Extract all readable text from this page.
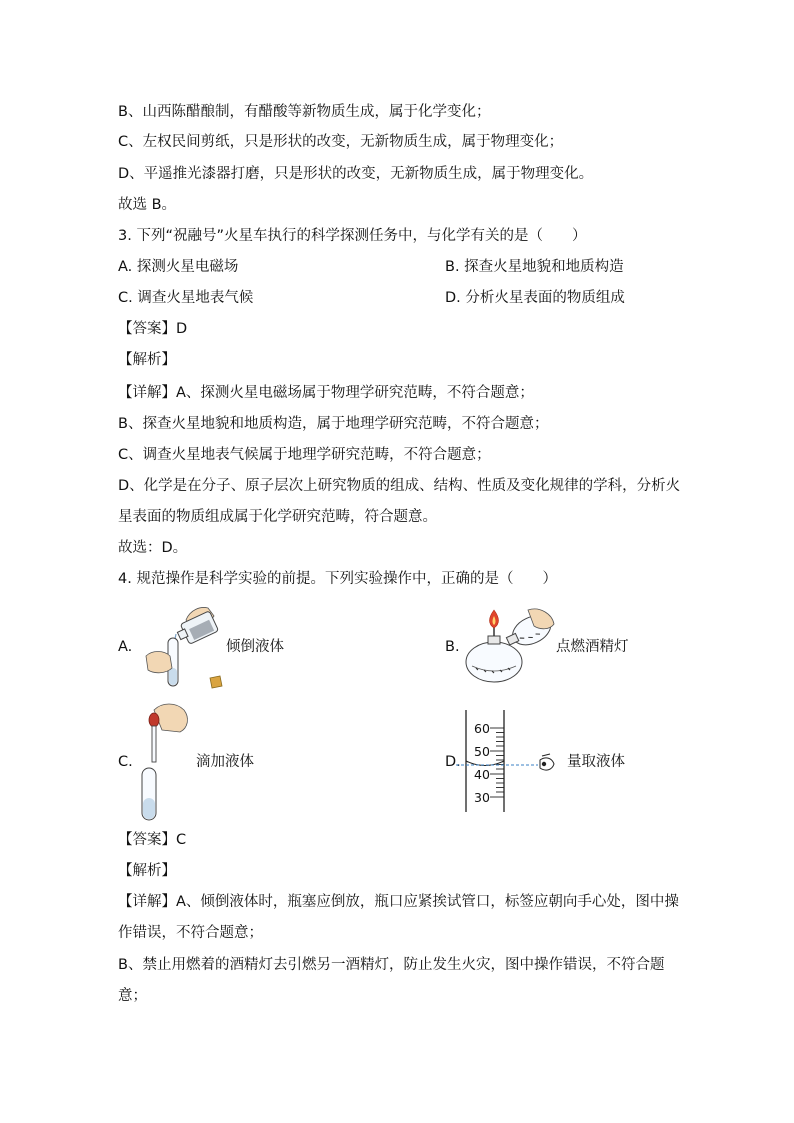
B、山西陈醋酿制，有醋酸等新物质生成，属于化学变化；
C、左权民间剪纸，只是形状的改变，无新物质生成，属于物理变化；
D、平遥推光漆器打磨，只是形状的改变，无新物质生成，属于物理变化。
故选 B。
3. 下列“祝融号”火星车执行的科学探测任务中，与化学有关的是（　　）
A. 探测火星电磁场	B. 探查火星地貌和地质构造
C. 调查火星地表气候	D. 分析火星表面的物质组成
【答案】D
【解析】
【详解】A、探测火星电磁场属于物理学研究范畴，不符合题意；
B、探查火星地貌和地质构造，属于地理学研究范畴，不符合题意；
C、调查火星地表气候属于地理学研究范畴，不符合题意；
D、化学是在分子、原子层次上研究物质的组成、结构、性质及变化规律的学科，分析火
星表面的物质组成属于化学研究范畴，符合题意。
故选：D。
4. 规范操作是科学实验的前提。下列实验操作中，正确的是（　　）
A.	倾倒液体	B.	点燃酒精灯
C.	滴加液体	D.
60
50
40
30
量取液体
【答案】C
【解析】
【详解】A、倾倒液体时，瓶塞应倒放，瓶口应紧挨试管口，标签应朝向手心处，图中操
作错误，不符合题意；
B、禁止用燃着的酒精灯去引燃另一酒精灯，防止发生火灾，图中操作错误，不符合题
意；
